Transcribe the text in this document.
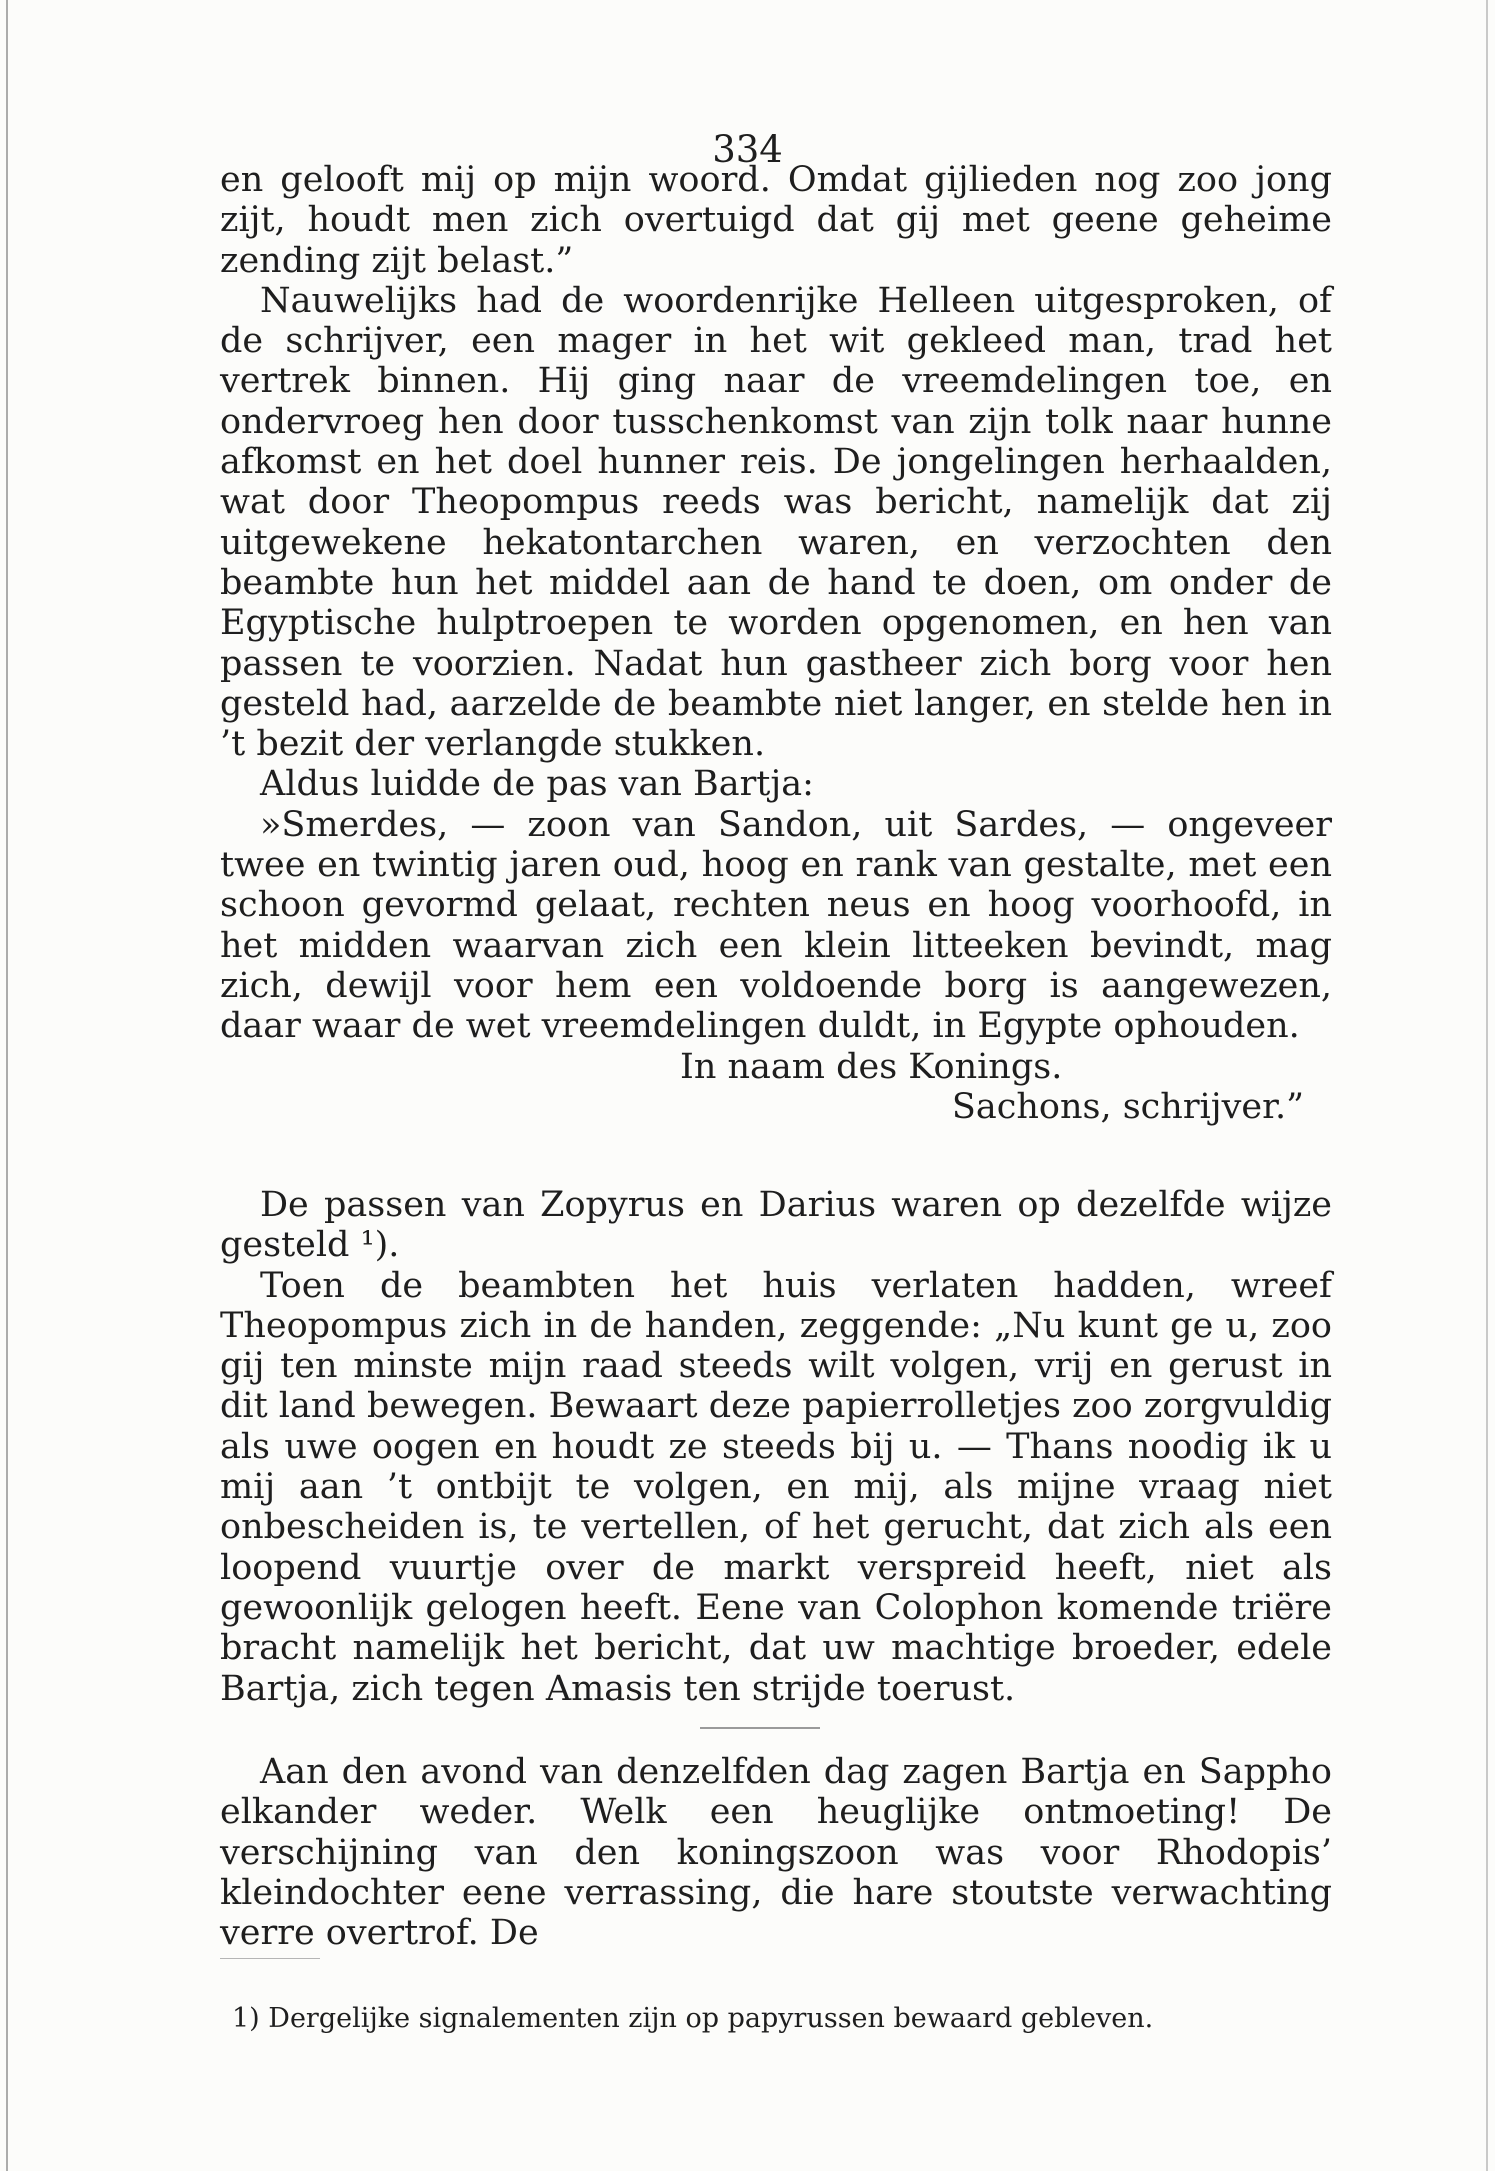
334

en gelooft mij op mijn woord. Omdat gijlieden nog zoo jong zijt, houdt men zich overtuigd dat gij met geene geheime zending zijt belast.”

Nauwelijks had de woordenrijke Helleen uitgesproken, of de schrijver, een mager in het wit gekleed man, trad het vertrek binnen. Hij ging naar de vreemdelingen toe, en ondervroeg hen door tusschenkomst van zijn tolk naar hunne afkomst en het doel hunner reis. De jongelingen herhaalden, wat door Theopompus reeds was bericht, namelijk dat zij uitgewekene hekatontarchen waren, en verzochten den beambte hun het middel aan de hand te doen, om onder de Egyptische hulptroepen te worden opgenomen, en hen van passen te voorzien. Nadat hun gastheer zich borg voor hen gesteld had, aarzelde de beambte niet langer, en stelde hen in ’t bezit der verlangde stukken.

Aldus luidde de pas van Bartja:

»Smerdes, — zoon van Sandon, uit Sardes, — ongeveer twee en twintig jaren oud, hoog en rank van gestalte, met een schoon gevormd gelaat, rechten neus en hoog voorhoofd, in het midden waarvan zich een klein litteeken bevindt, mag zich, dewijl voor hem een voldoende borg is aangewezen, daar waar de wet vreemdelingen duldt, in Egypte ophouden.

In naam des Konings.
Sachons, schrijver.”

De passen van Zopyrus en Darius waren op dezelfde wijze gesteld ¹).

Toen de beambten het huis verlaten hadden, wreef Theopompus zich in de handen, zeggende: „Nu kunt ge u, zoo gij ten minste mijn raad steeds wilt volgen, vrij en gerust in dit land bewegen. Bewaart deze papierrolletjes zoo zorgvuldig als uwe oogen en houdt ze steeds bij u. — Thans noodig ik u mij aan ’t ontbijt te volgen, en mij, als mijne vraag niet onbescheiden is, te vertellen, of het gerucht, dat zich als een loopend vuurtje over de markt verspreid heeft, niet als gewoonlijk gelogen heeft. Eene van Colophon komende triëre bracht namelijk het bericht, dat uw machtige broeder, edele Bartja, zich tegen Amasis ten strijde toerust.

Aan den avond van denzelfden dag zagen Bartja en Sappho elkander weder. Welk een heuglijke ontmoeting! De verschijning van den koningszoon was voor Rhodopis’ kleindochter eene verrassing, die hare stoutste verwachting verre overtrof. De

1) Dergelijke signalementen zijn op papyrussen bewaard gebleven.
